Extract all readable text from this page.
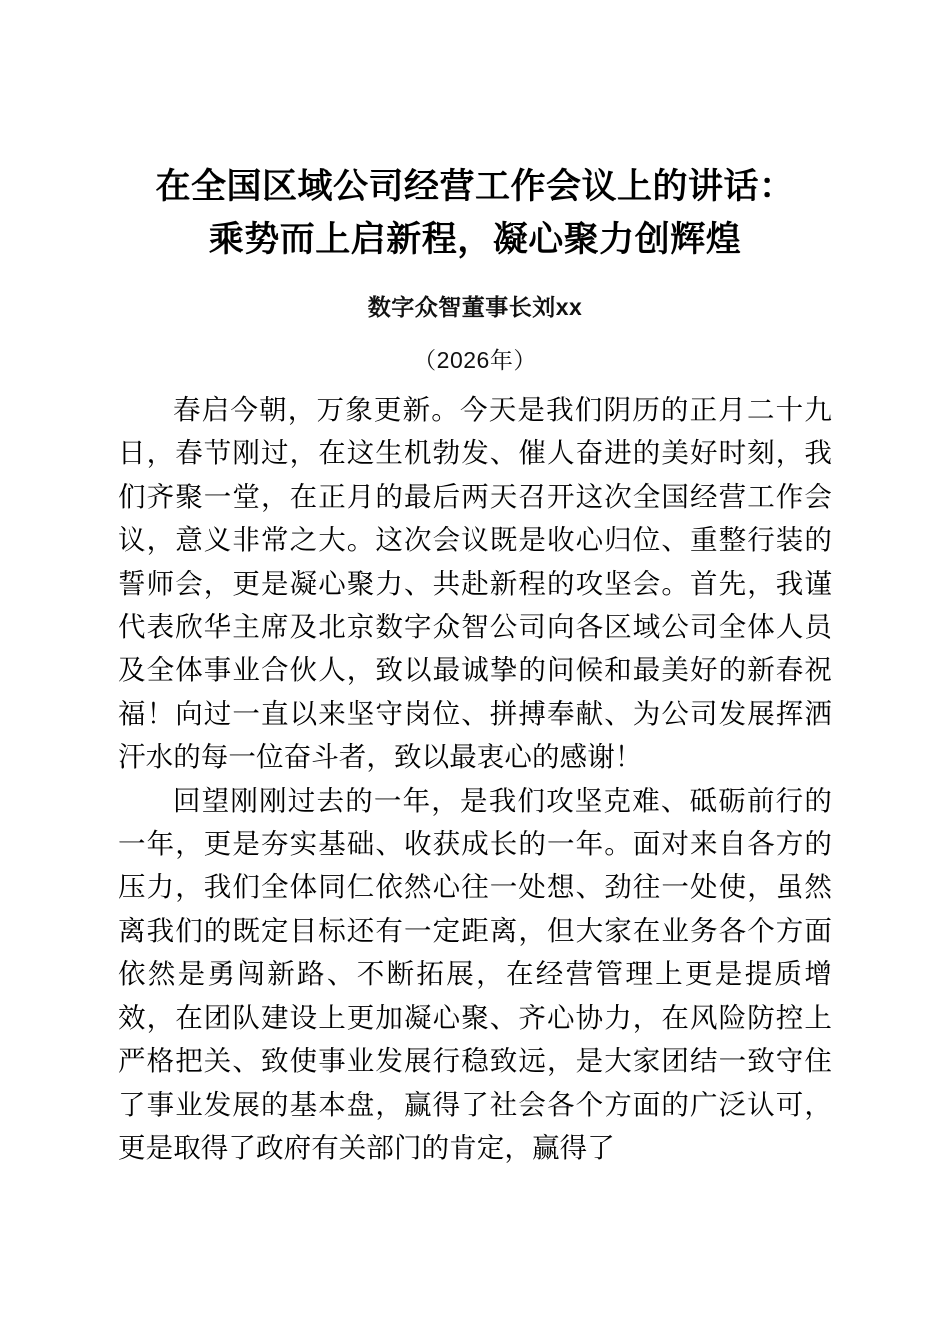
在全国区域公司经营工作会议上的讲话：
乘势而上启新程，凝心聚力创辉煌
数字众智董事长刘xx
（2026年）

春启今朝，万象更新。今天是我们阴历的正月二十九日，春节刚过，在这生机勃发、催人奋进的美好时刻，我们齐聚一堂，在正月的最后两天召开这次全国经营工作会议，意义非常之大。这次会议既是收心归位、重整行装的誓师会，更是凝心聚力、共赴新程的攻坚会。首先，我谨代表欣华主席及北京数字众智公司向各区域公司全体人员及全体事业合伙人，致以最诚挚的问候和最美好的新春祝福！向过一直以来坚守岗位、拼搏奉献、为公司发展挥洒汗水的每一位奋斗者，致以最衷心的感谢！

回望刚刚过去的一年，是我们攻坚克难、砥砺前行的一年，更是夯实基础、收获成长的一年。面对来自各方的压力，我们全体同仁依然心往一处想、劲往一处使，虽然离我们的既定目标还有一定距离，但大家在业务各个方面依然是勇闯新路、不断拓展，在经营管理上更是提质增效，在团队建设上更加凝心聚、齐心协力，在风险防控上严格把关、致使事业发展行稳致远，是大家团结一致守住了事业发展的基本盘，赢得了社会各个方面的广泛认可，更是取得了政府有关部门的肯定，赢得了
